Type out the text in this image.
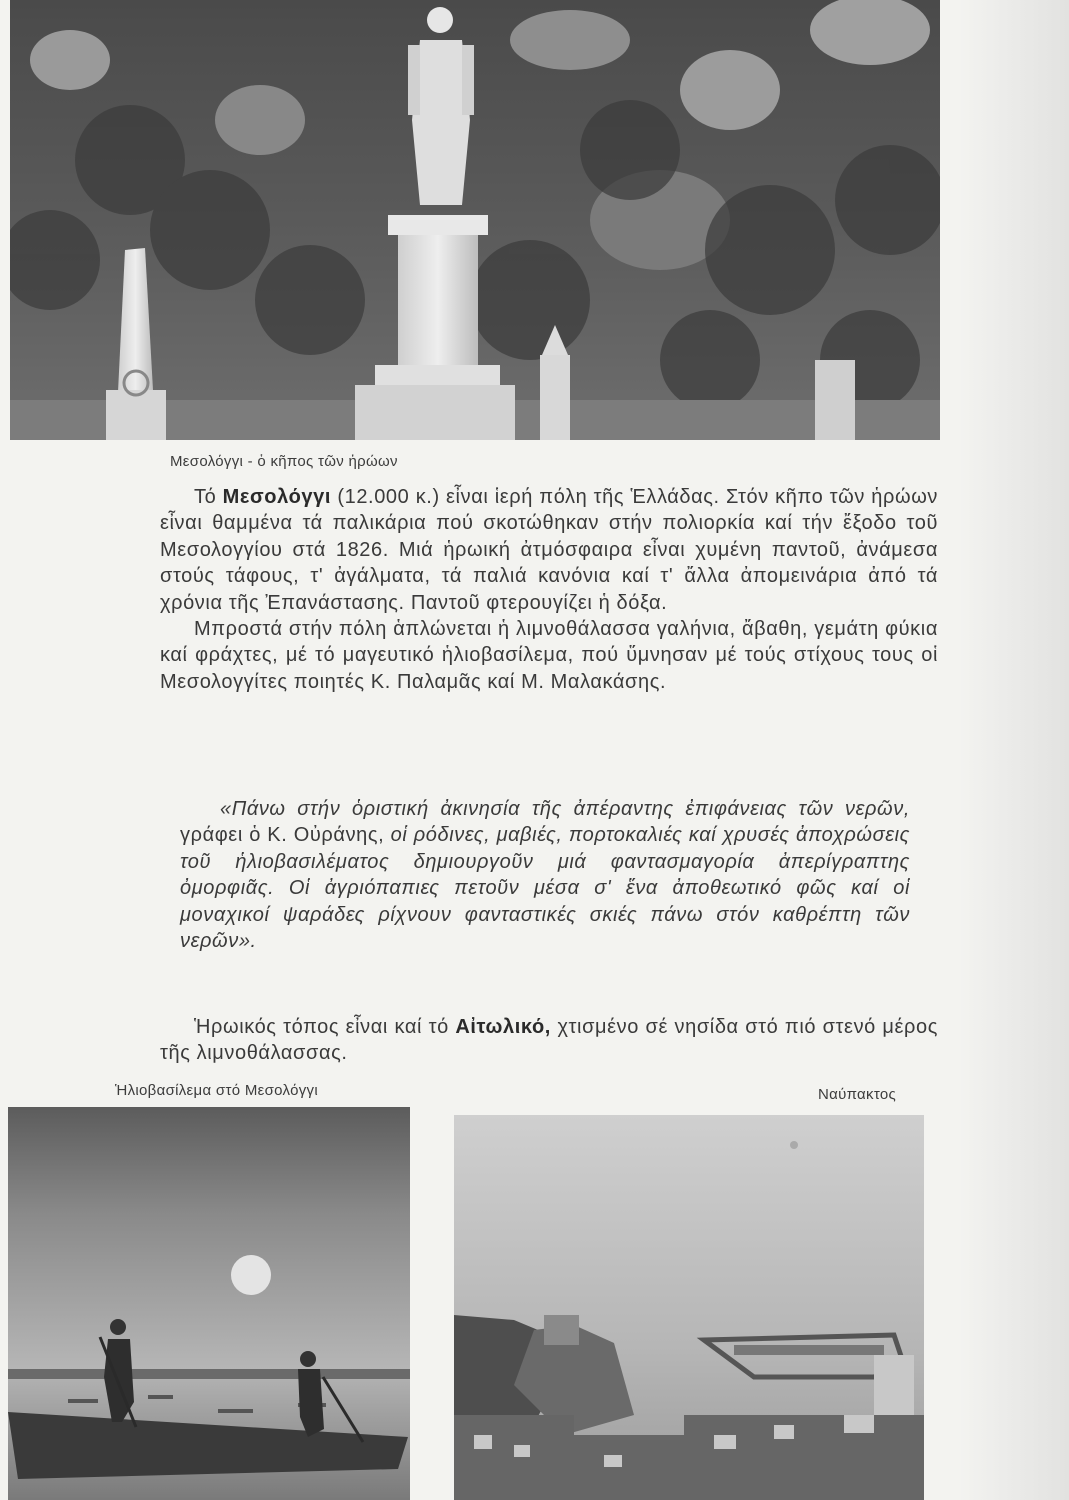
Μεσολόγγι - ὁ κῆπος τῶν ἡρώων

Τό Μεσολόγγι (12.000 κ.) εἶναι ἱερή πόλη τῆς Ἑλλάδας. Στόν κῆπο τῶν ἡρώων εἶναι θαμμένα τά παλικάρια πού σκοτώθηκαν στήν πολιορκία καί τήν ἔξοδο τοῦ Μεσολογγίου στά 1826. Μιά ἡρωική ἀτμόσφαιρα εἶναι χυμένη παντοῦ, ἀνάμεσα στούς τάφους, τ' ἀγάλματα, τά παλιά κανόνια καί τ' ἄλλα ἀπομεινάρια ἀπό τά χρόνια τῆς Ἐπανάστασης. Παντοῦ φτερουγίζει ἡ δόξα.

Μπροστά στήν πόλη ἁπλώνεται ἡ λιμνοθάλασσα γαλήνια, ἄβαθη, γεμάτη φύκια καί φράχτες, μέ τό μαγευτικό ἡλιοβασίλεμα, πού ὕμνησαν μέ τούς στίχους τους οἱ Μεσολογγίτες ποιητές Κ. Παλαμᾶς καί Μ. Μαλακάσης.

«Πάνω στήν ὁριστική ἀκινησία τῆς ἀπέραντης ἐπιφάνειας τῶν νερῶν, γράφει ὁ Κ. Οὐράνης, οἱ ρόδινες, μαβιές, πορτοκαλιές καί χρυσές ἀποχρώσεις τοῦ ἡλιοβασιλέματος δημιουργοῦν μιά φαντασμαγορία ἀπερίγραπτης ὀμορφιᾶς. Οἱ ἀγριόπαπιες πετοῦν μέσα σ' ἕνα ἀποθεωτικό φῶς καί οἱ μοναχικοί ψαράδες ρίχνουν φανταστικές σκιές πάνω στόν καθρέπτη τῶν νερῶν».

Ἡρωικός τόπος εἶναι καί τό Αἰτωλικό, χτισμένο σέ νησίδα στό πιό στενό μέρος τῆς λιμνοθάλασσας.

Ἡλιοβασίλεμα στό Μεσολόγγι	Ναύπακτος
